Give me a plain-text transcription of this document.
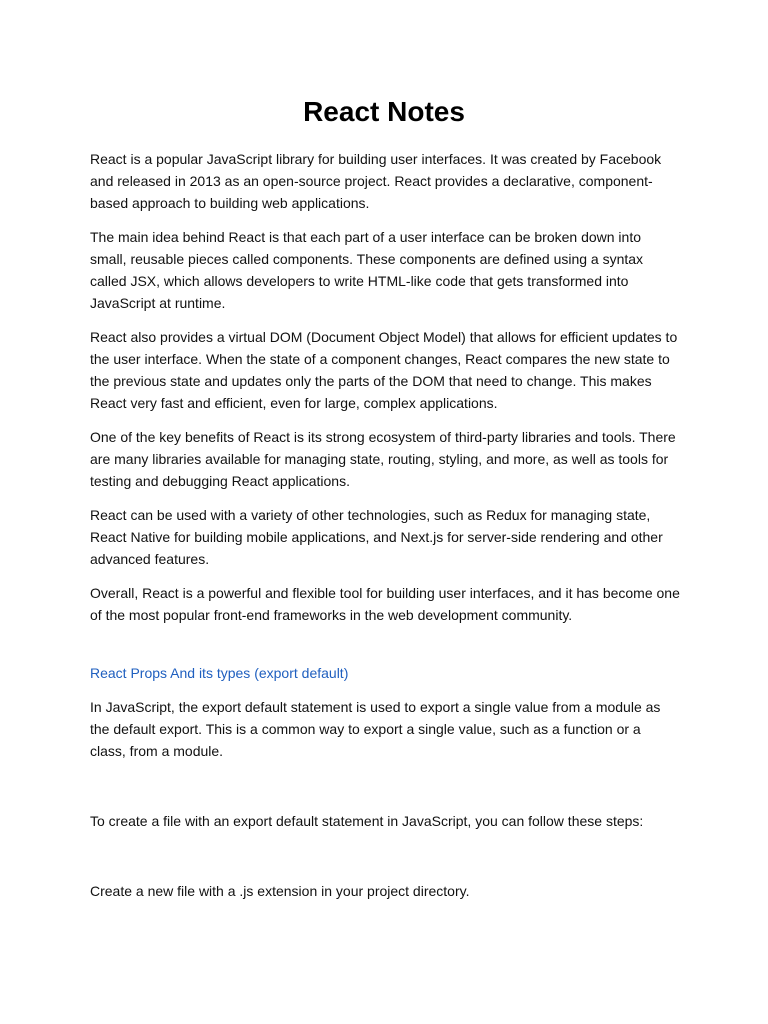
React Notes

React is a popular JavaScript library for building user interfaces. It was created by Facebook and released in 2013 as an open-source project. React provides a declarative, component-based approach to building web applications.

The main idea behind React is that each part of a user interface can be broken down into small, reusable pieces called components. These components are defined using a syntax called JSX, which allows developers to write HTML-like code that gets transformed into JavaScript at runtime.

React also provides a virtual DOM (Document Object Model) that allows for efficient updates to the user interface. When the state of a component changes, React compares the new state to the previous state and updates only the parts of the DOM that need to change. This makes React very fast and efficient, even for large, complex applications.

One of the key benefits of React is its strong ecosystem of third-party libraries and tools. There are many libraries available for managing state, routing, styling, and more, as well as tools for testing and debugging React applications.

React can be used with a variety of other technologies, such as Redux for managing state, React Native for building mobile applications, and Next.js for server-side rendering and other advanced features.

Overall, React is a powerful and flexible tool for building user interfaces, and it has become one of the most popular front-end frameworks in the web development community.

React Props And its types (export default)

In JavaScript, the export default statement is used to export a single value from a module as the default export. This is a common way to export a single value, such as a function or a class, from a module.

To create a file with an export default statement in JavaScript, you can follow these steps:

Create a new file with a .js extension in your project directory.
